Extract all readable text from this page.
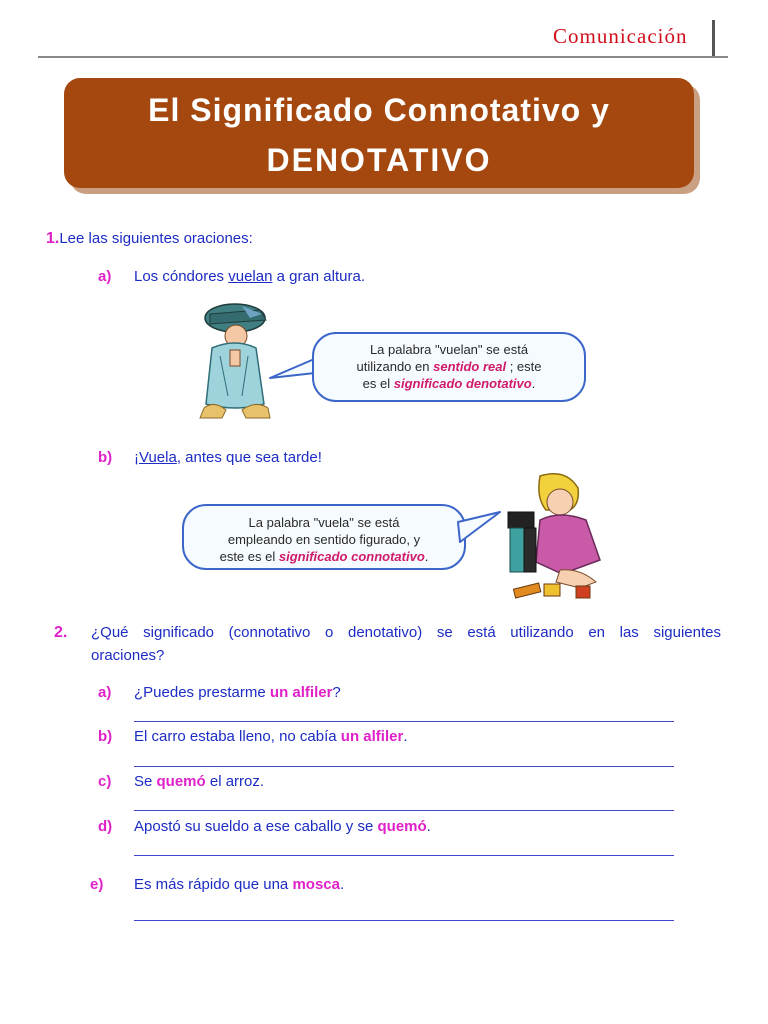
Comunicación
El Significado Connotativo y
DENOTATIVO
1.Lee las siguientes oraciones:
a) Los cóndores vuelan a gran altura.
La palabra "vuelan" se está
utilizando en sentido real ; este
es el significado denotativo.
b) ¡Vuela, antes que sea tarde!
La palabra "vuela" se está
empleando en sentido figurado, y
este es el significado connotativo.
2. ¿Qué significado (connotativo o denotativo) se está utilizando en las siguientes
oraciones?
a) ¿Puedes prestarme un alfiler?
b) El carro estaba lleno, no cabía un alfiler.
c) Se quemó el arroz.
d) Apostó su sueldo a ese caballo y se quemó.
e) Es más rápido que una mosca.
